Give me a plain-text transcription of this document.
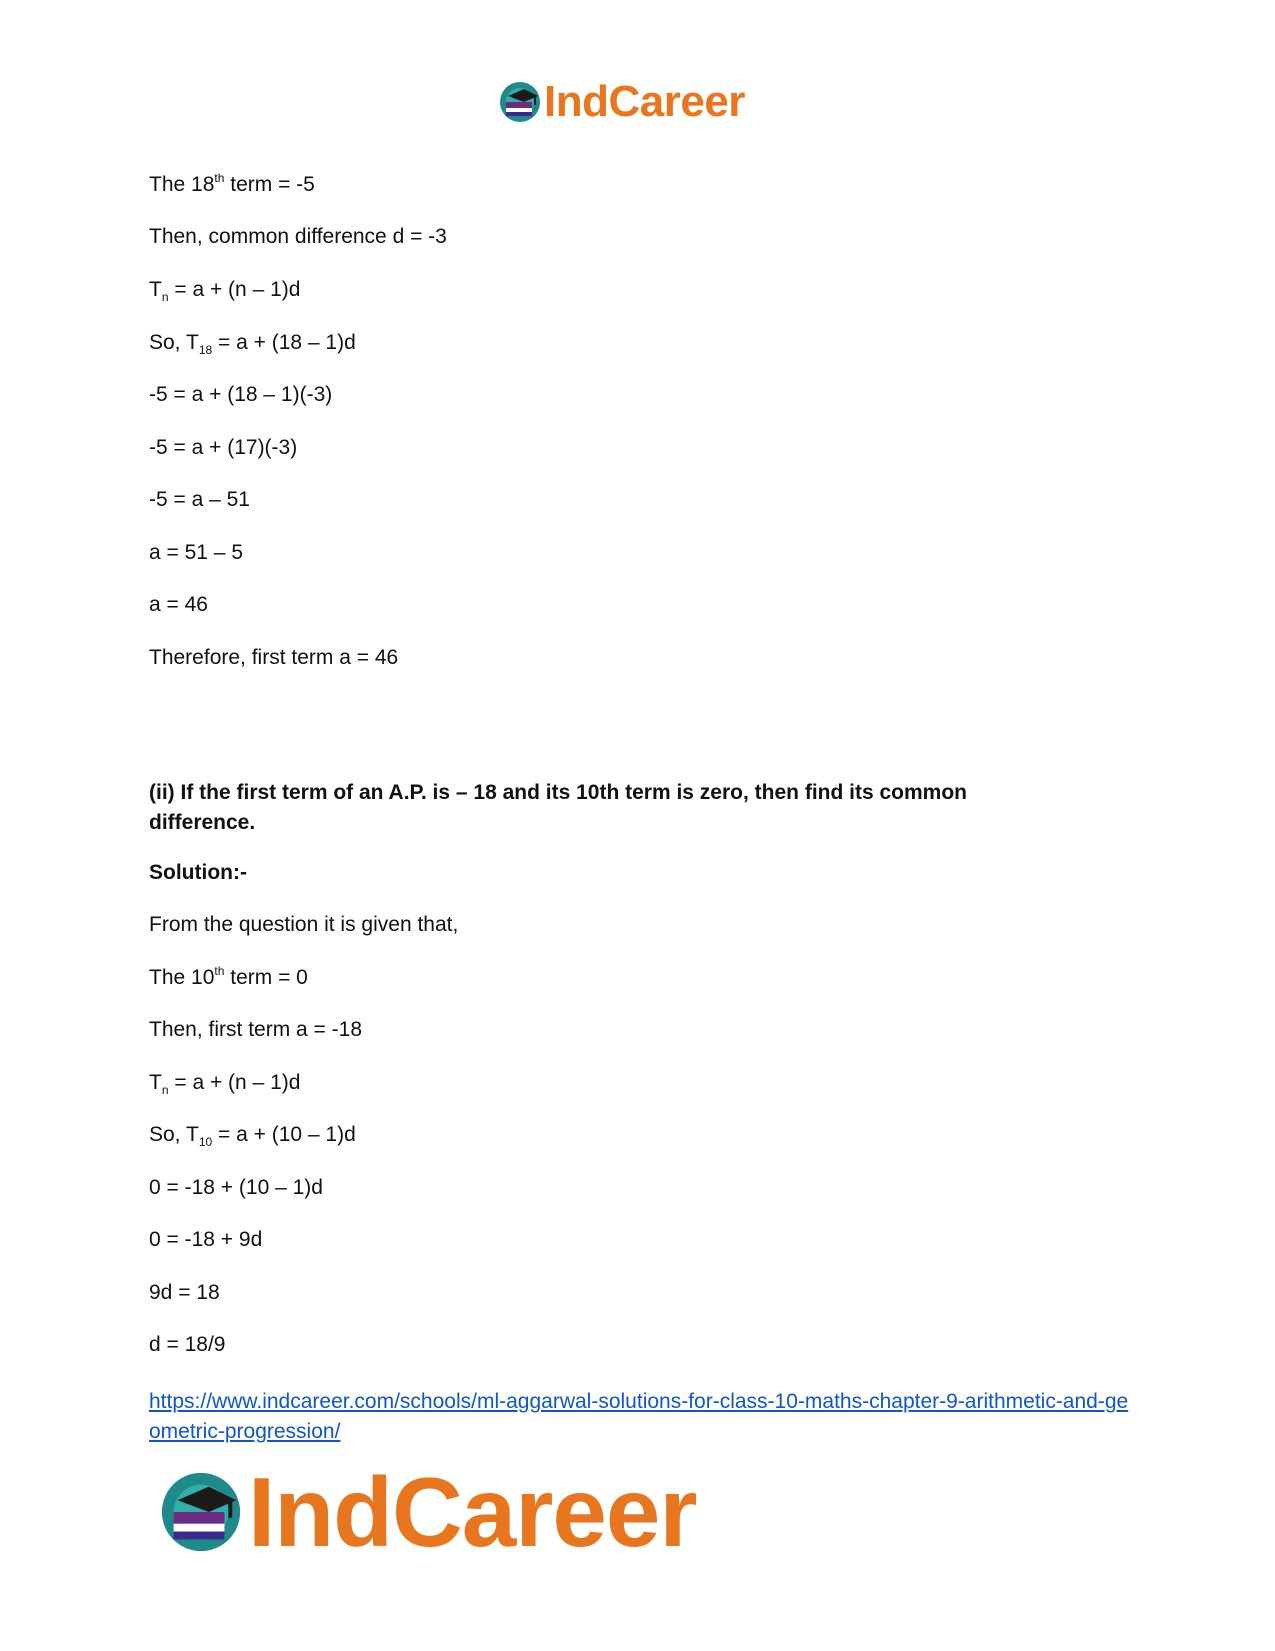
IndCareer
The 18th term = -5
Then, common difference d = -3
$T_n = a + (n - 1)d$
So, $T_{18} = a + (18 - 1)d$
-5 = a + (18 – 1)(-3)
-5 = a + (17)(-3)
-5 = a – 51
a = 51 – 5
a = 46
Therefore, first term a = 46
(ii) If the first term of an A.P. is – 18 and its 10th term is zero, then find its common difference.
Solution:-
From the question it is given that,
The 10th term = 0
Then, first term a = -18
$T_n = a + (n - 1)d$
So, $T_{10} = a + (10 - 1)d$
0 = -18 + (10 – 1)d
0 = -18 + 9d
9d = 18
d = 18/9
https://www.indcareer.com/schools/ml-aggarwal-solutions-for-class-10-maths-chapter-9-arithmetic-and-geometric-progression/
IndCareer
